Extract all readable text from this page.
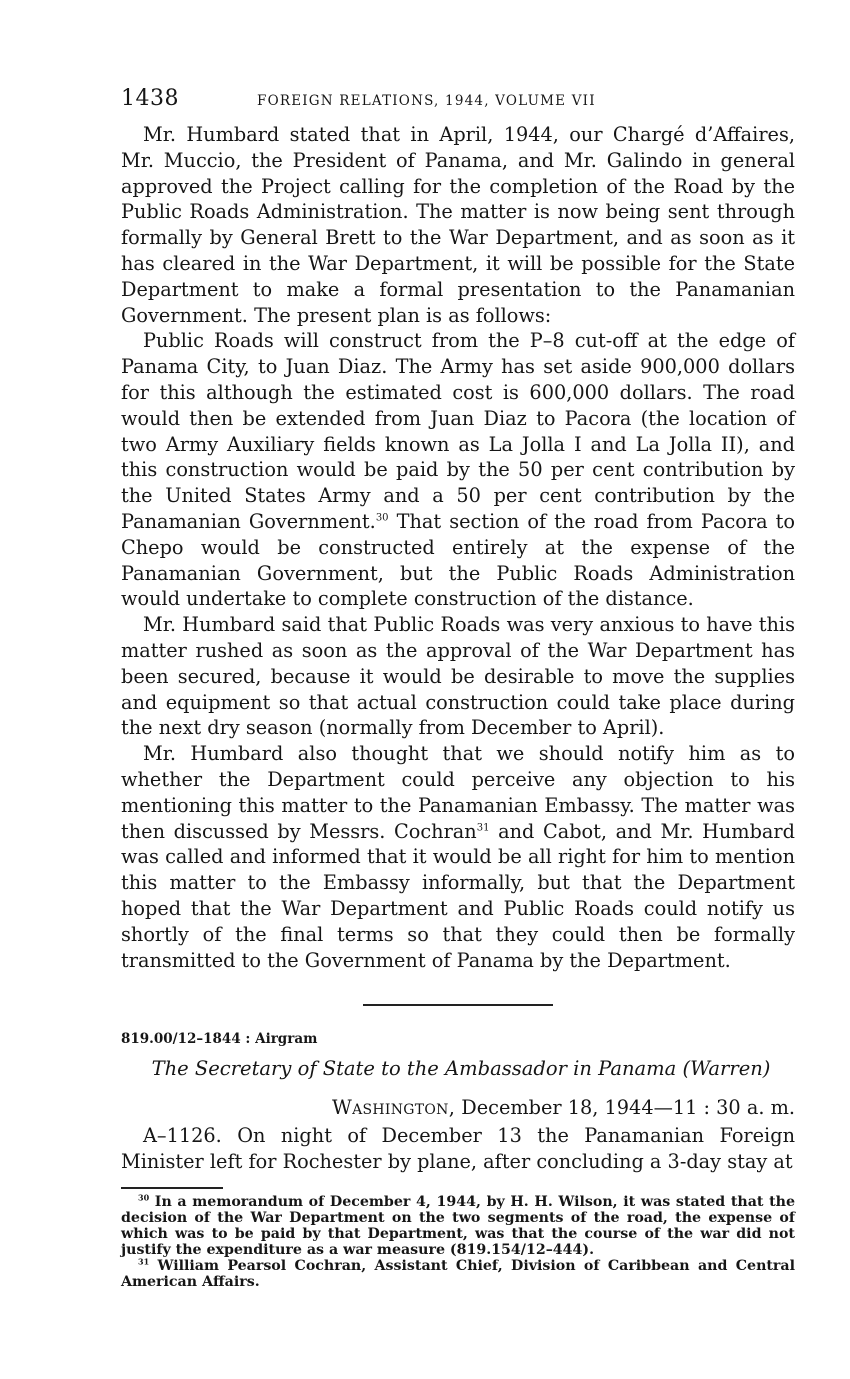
1438	FOREIGN RELATIONS, 1944, VOLUME VII

Mr. Humbard stated that in April, 1944, our Chargé d’Affaires, Mr. Muccio, the President of Panama, and Mr. Galindo in general approved the Project calling for the completion of the Road by the Public Roads Administration. The matter is now being sent through formally by General Brett to the War Department, and as soon as it has cleared in the War Department, it will be possible for the State Department to make a formal presentation to the Panamanian Government. The present plan is as follows:

Public Roads will construct from the P–8 cut-off at the edge of Panama City, to Juan Diaz. The Army has set aside 900,000 dollars for this although the estimated cost is 600,000 dollars. The road would then be extended from Juan Diaz to Pacora (the location of two Army Auxiliary fields known as La Jolla I and La Jolla II), and this construction would be paid by the 50 per cent contribution by the United States Army and a 50 per cent contribution by the Panamanian Government.$^{30}$ That section of the road from Pacora to Chepo would be constructed entirely at the expense of the Panamanian Government, but the Public Roads Administration would undertake to complete construction of the distance.

Mr. Humbard said that Public Roads was very anxious to have this matter rushed as soon as the approval of the War Department has been secured, because it would be desirable to move the supplies and equipment so that actual construction could take place during the next dry season (normally from December to April).

Mr. Humbard also thought that we should notify him as to whether the Department could perceive any objection to his mentioning this matter to the Panamanian Embassy. The matter was then discussed by Messrs. Cochran$^{31}$ and Cabot, and Mr. Humbard was called and informed that it would be all right for him to mention this matter to the Embassy informally, but that the Department hoped that the War Department and Public Roads could notify us shortly of the final terms so that they could then be formally transmitted to the Government of Panama by the Department.

819.00/12–1844 : Airgram
The Secretary of State to the Ambassador in Panama (Warren)
Washington, December 18, 1944—11 : 30 a. m.

A–1126. On night of December 13 the Panamanian Foreign Minister left for Rochester by plane, after concluding a 3-day stay at

$^{30}$ In a memorandum of December 4, 1944, by H. H. Wilson, it was stated that the decision of the War Department on the two segments of the road, the expense of which was to be paid by that Department, was that the course of the war did not justify the expenditure as a war measure (819.154/12–444).

$^{31}$ William Pearsol Cochran, Assistant Chief, Division of Caribbean and Central American Affairs.
